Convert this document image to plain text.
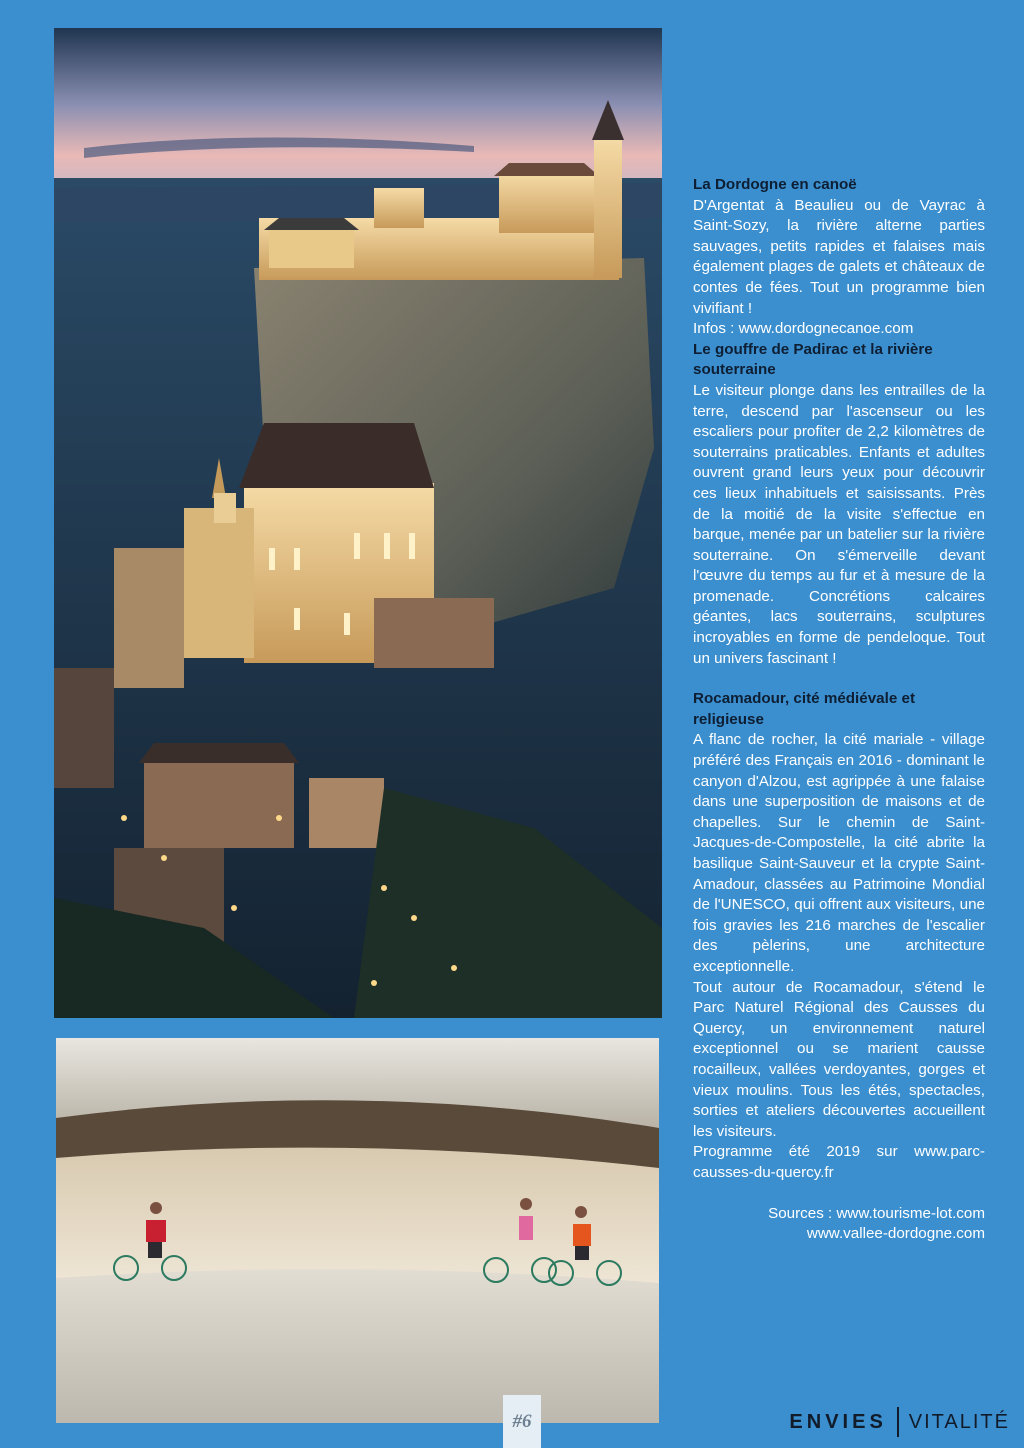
La Dordogne en canoë

D'Argentat à Beaulieu ou de Vayrac à Saint-Sozy, la rivière alterne parties sauvages, petits rapides et falaises mais également plages de galets et châteaux de contes de fées. Tout un programme bien vivifiant !

Infos : www.dordognecanoe.com

Le gouffre de Padirac et la rivière souterraine

Le visiteur plonge dans les entrailles de la terre, descend par l'ascenseur ou les escaliers pour profiter de 2,2 kilomètres de souterrains praticables. Enfants et adultes ouvrent grand leurs yeux pour découvrir ces lieux inhabituels et saisissants. Près de la moitié de la visite s'effectue en barque, menée par un batelier sur la rivière souterraine. On s'émerveille devant l'œuvre du temps au fur et à mesure de la promenade. Concrétions calcaires géantes, lacs souterrains, sculptures incroyables en forme de pendeloque. Tout un univers fascinant !

Rocamadour, cité médiévale et religieuse

A flanc de rocher, la cité mariale - village préféré des Français en 2016 - dominant le canyon d'Alzou, est agrippée à une falaise dans une superposition de maisons et de chapelles. Sur le chemin de Saint-Jacques-de-Compostelle, la cité abrite la basilique Saint-Sauveur et la crypte Saint-Amadour, classées au Patrimoine Mondial de l'UNESCO, qui offrent aux visiteurs, une fois gravies les 216 marches de l'escalier des pèlerins, une architecture exceptionnelle.

Tout autour de Rocamadour, s'étend le Parc Naturel Régional des Causses du Quercy, un environnement naturel exceptionnel ou se marient causse rocailleux, vallées verdoyantes, gorges et vieux moulins. Tous les étés, spectacles, sorties et ateliers découvertes accueillent les visiteurs.

Programme été 2019 sur www.parc-causses-du-quercy.fr

Sources : www.tourisme-lot.com

www.vallee-dordogne.com

#6	ENVIES VITALITÉ
